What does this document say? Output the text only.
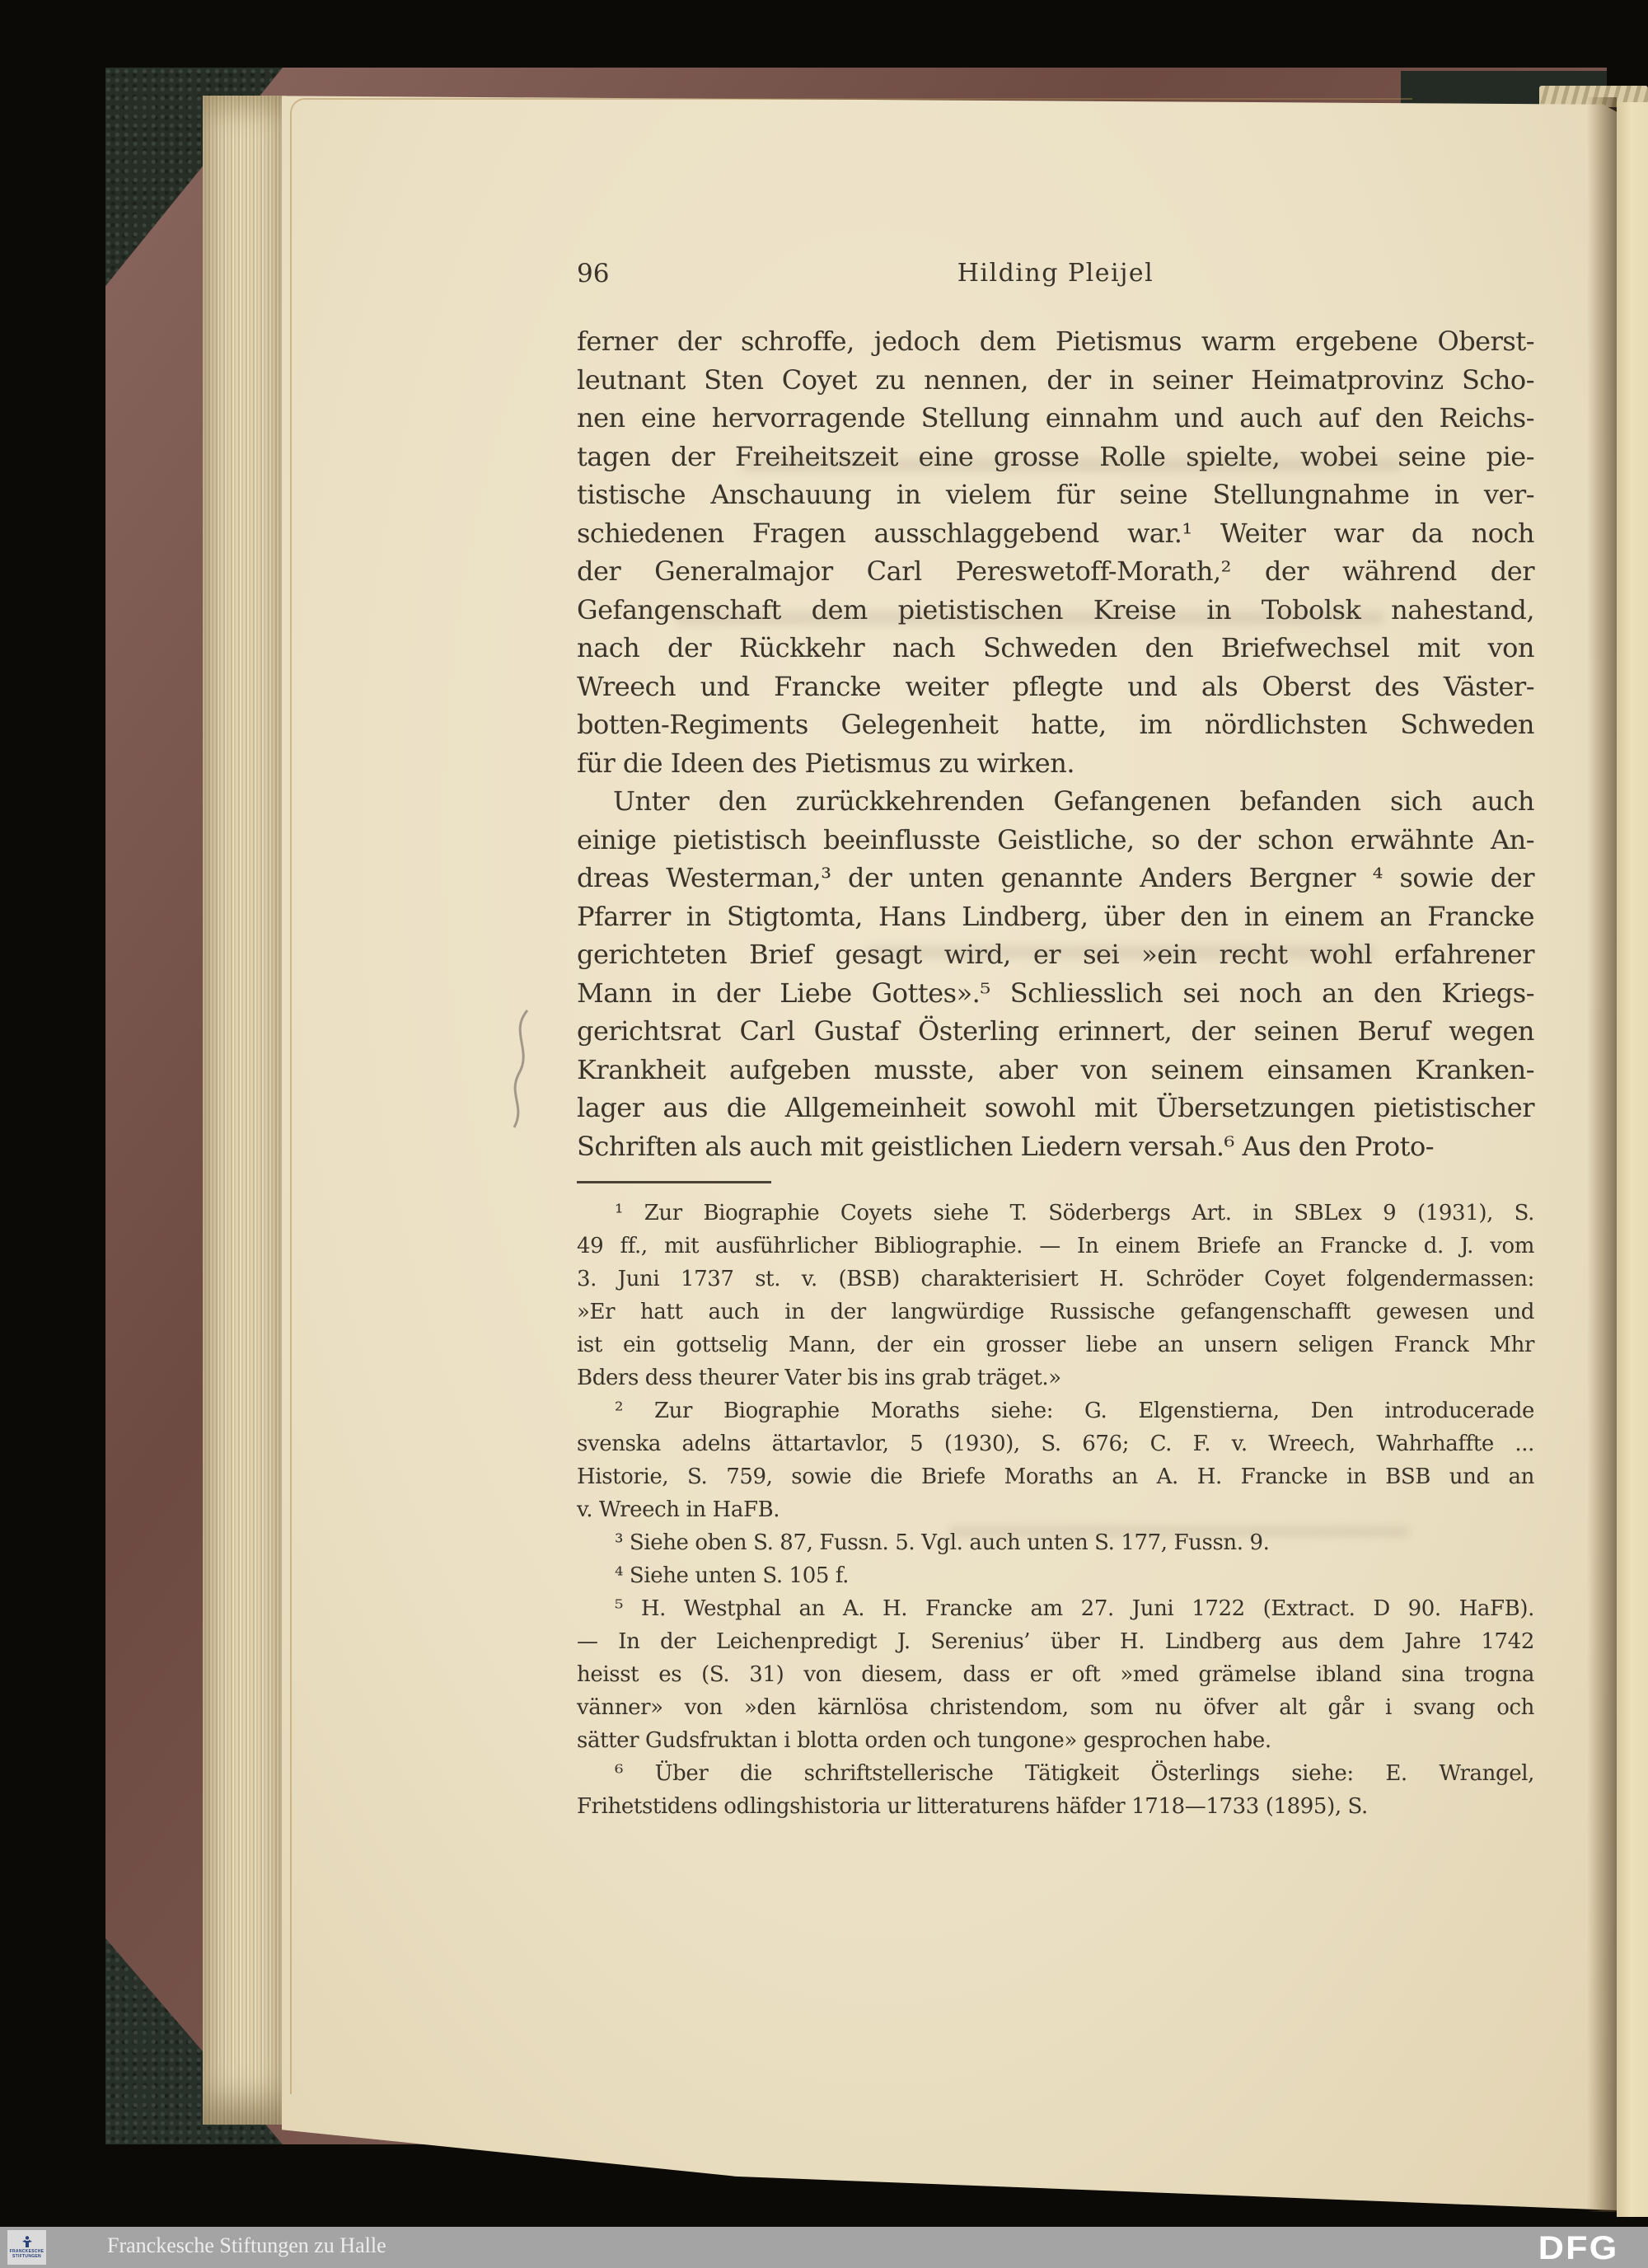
96	Hilding Pleijel
ferner der schroffe, jedoch dem Pietismus warm ergebene Oberst-
leutnant Sten Coyet zu nennen, der in seiner Heimatprovinz Scho-
nen eine hervorragende Stellung einnahm und auch auf den Reichs-
tagen der Freiheitszeit eine grosse Rolle spielte, wobei seine pie-
tistische Anschauung in vielem für seine Stellungnahme in ver-
schiedenen Fragen ausschlaggebend war.¹ Weiter war da noch
der Generalmajor Carl Pereswetoff-Morath,² der während der
Gefangenschaft dem pietistischen Kreise in Tobolsk nahestand,
nach der Rückkehr nach Schweden den Briefwechsel mit von
Wreech und Francke weiter pflegte und als Oberst des Väster-
botten-Regiments Gelegenheit hatte, im nördlichsten Schweden
für die Ideen des Pietismus zu wirken.
Unter den zurückkehrenden Gefangenen befanden sich auch
einige pietistisch beeinflusste Geistliche, so der schon erwähnte An-
dreas Westerman,³ der unten genannte Anders Bergner ⁴ sowie der
Pfarrer in Stigtomta, Hans Lindberg, über den in einem an Francke
gerichteten Brief gesagt wird, er sei »ein recht wohl erfahrener
Mann in der Liebe Gottes».⁵ Schliesslich sei noch an den Kriegs-
gerichtsrat Carl Gustaf Österling erinnert, der seinen Beruf wegen
Krankheit aufgeben musste, aber von seinem einsamen Kranken-
lager aus die Allgemeinheit sowohl mit Übersetzungen pietistischer
Schriften als auch mit geistlichen Liedern versah.⁶ Aus den Proto-
¹ Zur Biographie Coyets siehe T. Söderbergs Art. in SBLex 9 (1931), S.
49 ff., mit ausführlicher Bibliographie. — In einem Briefe an Francke d. J. vom
3. Juni 1737 st. v. (BSB) charakterisiert H. Schröder Coyet folgendermassen:
»Er hatt auch in der langwürdige Russische gefangenschafft gewesen und
ist ein gottselig Mann, der ein grosser liebe an unsern seligen Franck Mhr
Bders dess theurer Vater bis ins grab träget.»
² Zur Biographie Moraths siehe: G. Elgenstierna, Den introducerade
svenska adelns ättartavlor, 5 (1930), S. 676; C. F. v. Wreech, Wahrhaffte ...
Historie, S. 759, sowie die Briefe Moraths an A. H. Francke in BSB und an
v. Wreech in HaFB.
³ Siehe oben S. 87, Fussn. 5. Vgl. auch unten S. 177, Fussn. 9.
⁴ Siehe unten S. 105 f.
⁵ H. Westphal an A. H. Francke am 27. Juni 1722 (Extract. D 90. HaFB).
— In der Leichenpredigt J. Serenius’ über H. Lindberg aus dem Jahre 1742
heisst es (S. 31) von diesem, dass er oft »med grämelse ibland sina trogna
vänner» von »den kärnlösa christendom, som nu öfver alt går i svang och
sätter Gudsfruktan i blotta orden och tungone» gesprochen habe.
⁶ Über die schriftstellerische Tätigkeit Österlings siehe: E. Wrangel,
Frihetstidens odlingshistoria ur litteraturens häfder 1718—1733 (1895), S.
FRANCKESCHE
STIFTUNGEN	Franckesche Stiftungen zu Halle	DFG
